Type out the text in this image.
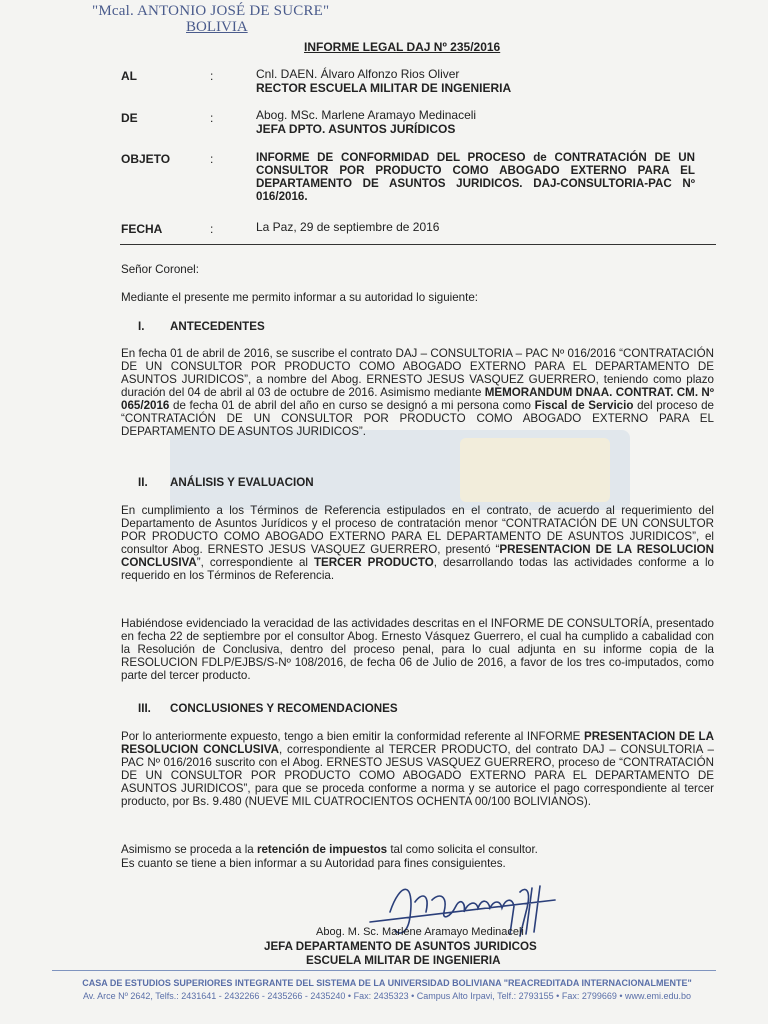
"Mcal. ANTONIO JOSÉ DE SUCRE"
BOLIVIA
INFORME LEGAL DAJ Nº 235/2016
AL	:	Cnl. DAEN. Álvaro Alfonzo Rios Oliver
RECTOR ESCUELA MILITAR DE INGENIERIA
DE	:	Abog. MSc. Marlene Aramayo Medinaceli
JEFA DPTO. ASUNTOS JURÍDICOS
OBJETO	:	INFORME DE CONFORMIDAD DEL PROCESO de CONTRATACIÓN DE UN CONSULTOR POR PRODUCTO COMO ABOGADO EXTERNO PARA EL DEPARTAMENTO DE ASUNTOS JURIDICOS. DAJ-CONSULTORIA-PAC Nº 016/2016.
FECHA	:	La Paz, 29 de septiembre de 2016
Señor Coronel:
Mediante el presente me permito informar a su autoridad lo siguiente:
I. ANTECEDENTES
En fecha 01 de abril de 2016, se suscribe el contrato DAJ – CONSULTORIA – PAC Nº 016/2016 “CONTRATACIÓN DE UN CONSULTOR POR PRODUCTO COMO ABOGADO EXTERNO PARA EL DEPARTAMENTO DE ASUNTOS JURIDICOS”, a nombre del Abog. ERNESTO JESUS VASQUEZ GUERRERO, teniendo como plazo duración del 04 de abril al 03 de octubre de 2016. Asimismo mediante MEMORANDUM DNAA. CONTRAT. CM. Nº 065/2016 de fecha 01 de abril del año en curso se designó a mi persona como Fiscal de Servicio del proceso de “CONTRATACIÓN DE UN CONSULTOR POR PRODUCTO COMO ABOGADO EXTERNO PARA EL DEPARTAMENTO DE ASUNTOS JURIDICOS”.
II. ANÁLISIS Y EVALUACION
En cumplimiento a los Términos de Referencia estipulados en el contrato, de acuerdo al requerimiento del Departamento de Asuntos Jurídicos y el proceso de contratación menor “CONTRATACIÓN DE UN CONSULTOR POR PRODUCTO COMO ABOGADO EXTERNO PARA EL DEPARTAMENTO DE ASUNTOS JURIDICOS”, el consultor Abog. ERNESTO JESUS VASQUEZ GUERRERO, presentó “PRESENTACION DE LA RESOLUCION CONCLUSIVA”, correspondiente al TERCER PRODUCTO, desarrollando todas las actividades conforme a lo requerido en los Términos de Referencia.
Habiéndose evidenciado la veracidad de las actividades descritas en el INFORME DE CONSULTORÍA, presentado en fecha 22 de septiembre por el consultor Abog. Ernesto Vásquez Guerrero, el cual ha cumplido a cabalidad con la Resolución de Conclusiva, dentro del proceso penal, para lo cual adjunta en su informe copia de la RESOLUCION FDLP/EJBS/S-Nº 108/2016, de fecha 06 de Julio de 2016, a favor de los tres co-imputados, como parte del tercer producto.
III. CONCLUSIONES Y RECOMENDACIONES
Por lo anteriormente expuesto, tengo a bien emitir la conformidad referente al INFORME PRESENTACION DE LA RESOLUCION CONCLUSIVA, correspondiente al TERCER PRODUCTO, del contrato DAJ – CONSULTORIA – PAC Nº 016/2016 suscrito con el Abog. ERNESTO JESUS VASQUEZ GUERRERO, proceso de “CONTRATACIÓN DE UN CONSULTOR POR PRODUCTO COMO ABOGADO EXTERNO PARA EL DEPARTAMENTO DE ASUNTOS JURIDICOS”, para que se proceda conforme a norma y se autorice el pago correspondiente al tercer producto, por Bs. 9.480 (NUEVE MIL CUATROCIENTOS OCHENTA 00/100 BOLIVIANOS).
Asimismo se proceda a la retención de impuestos tal como solicita el consultor.
Es cuanto se tiene a bien informar a su Autoridad para fines consiguientes.
Abog. M. Sc. Marlene Aramayo Medinaceli
JEFA DEPARTAMENTO DE ASUNTOS JURIDICOS
ESCUELA MILITAR DE INGENIERIA
CASA DE ESTUDIOS SUPERIORES INTEGRANTE DEL SISTEMA DE LA UNIVERSIDAD BOLIVIANA "REACREDITADA INTERNACIONALMENTE"
Av. Arce Nº 2642, Telfs.: 2431641 - 2432266 - 2435266 - 2435240 • Fax: 2435323 • Campus Alto Irpavi, Telf.: 2793155 • Fax: 2799669 • www.emi.edu.bo
